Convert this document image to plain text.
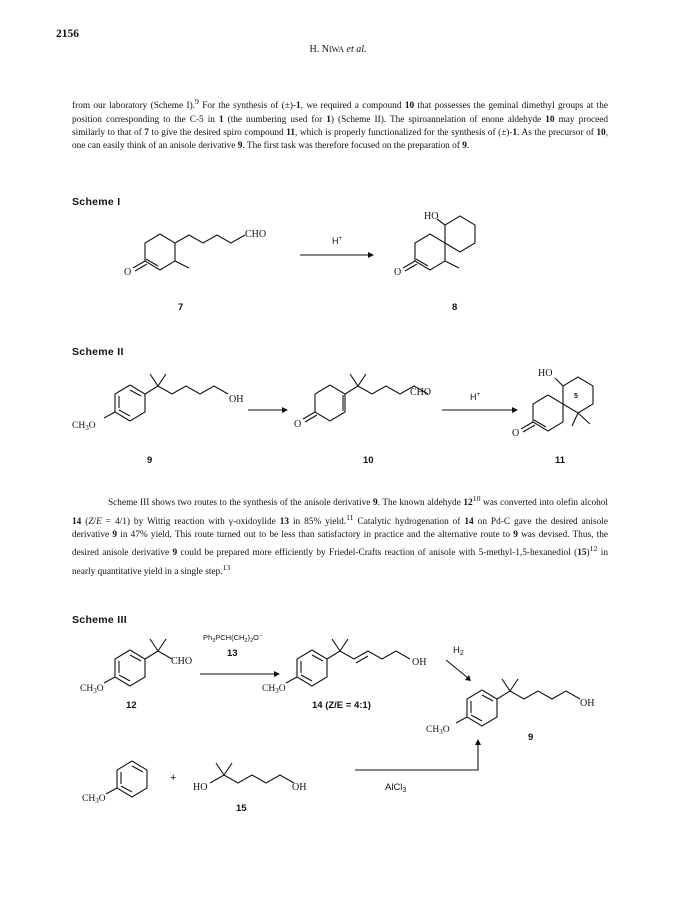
2156
H. NIWA et al.

from our laboratory (Scheme I).$^9$ For the synthesis of (±)-1, we required a compound 10 that possesses the geminal dimethyl groups at the position corresponding to the C-5 in 1 (the numbering used for 1) (Scheme II). The spiroannelation of enone aldehyde 10 may proceed similarly to that of 7 to give the desired spiro compound 11, which is properly functionalized for the synthesis of (±)-1. As the precursor of 10, one can easily think of an anisole derivative 9. The first task was therefore focused on the preparation of 9.

Scheme I
CHO
O
H+
HO
O
7	8
Scheme II
OH
$CH_3O$
CHO
O
H+
HO
O
5
9	10	11

Scheme III shows two routes to the synthesis of the anisole derivative 9. The known aldehyde $12^{10}$ was converted into olefin alcohol 14 (Z/E = 4/1) by Wittig reaction with γ-oxidoylide 13 in 85% yield.$^{11}$ Catalytic hydrogenation of 14 on Pd-C gave the desired anisole derivative 9 in 47% yield. This route turned out to be less than satisfactory in practice and the alternative route to 9 was devised. Thus, the desired anisole derivative 9 could be prepared more efficiently by Friedel-Crafts reaction of anisole with 5-methyl-1,5-hexanediol $(15)^{12}$ in nearly quantitative yield in a single step.$^{13}$

Scheme III
CHO
$CH_3O$
$Ph_3PCH(CH_2)_2O^-$
13
OH
$CH_3O$
$H_2$
OH
$CH_3O$
$CH_3O$
+
HO	OH	AlCl$_3$
12	14 (Z/E = 4:1)
9
15
